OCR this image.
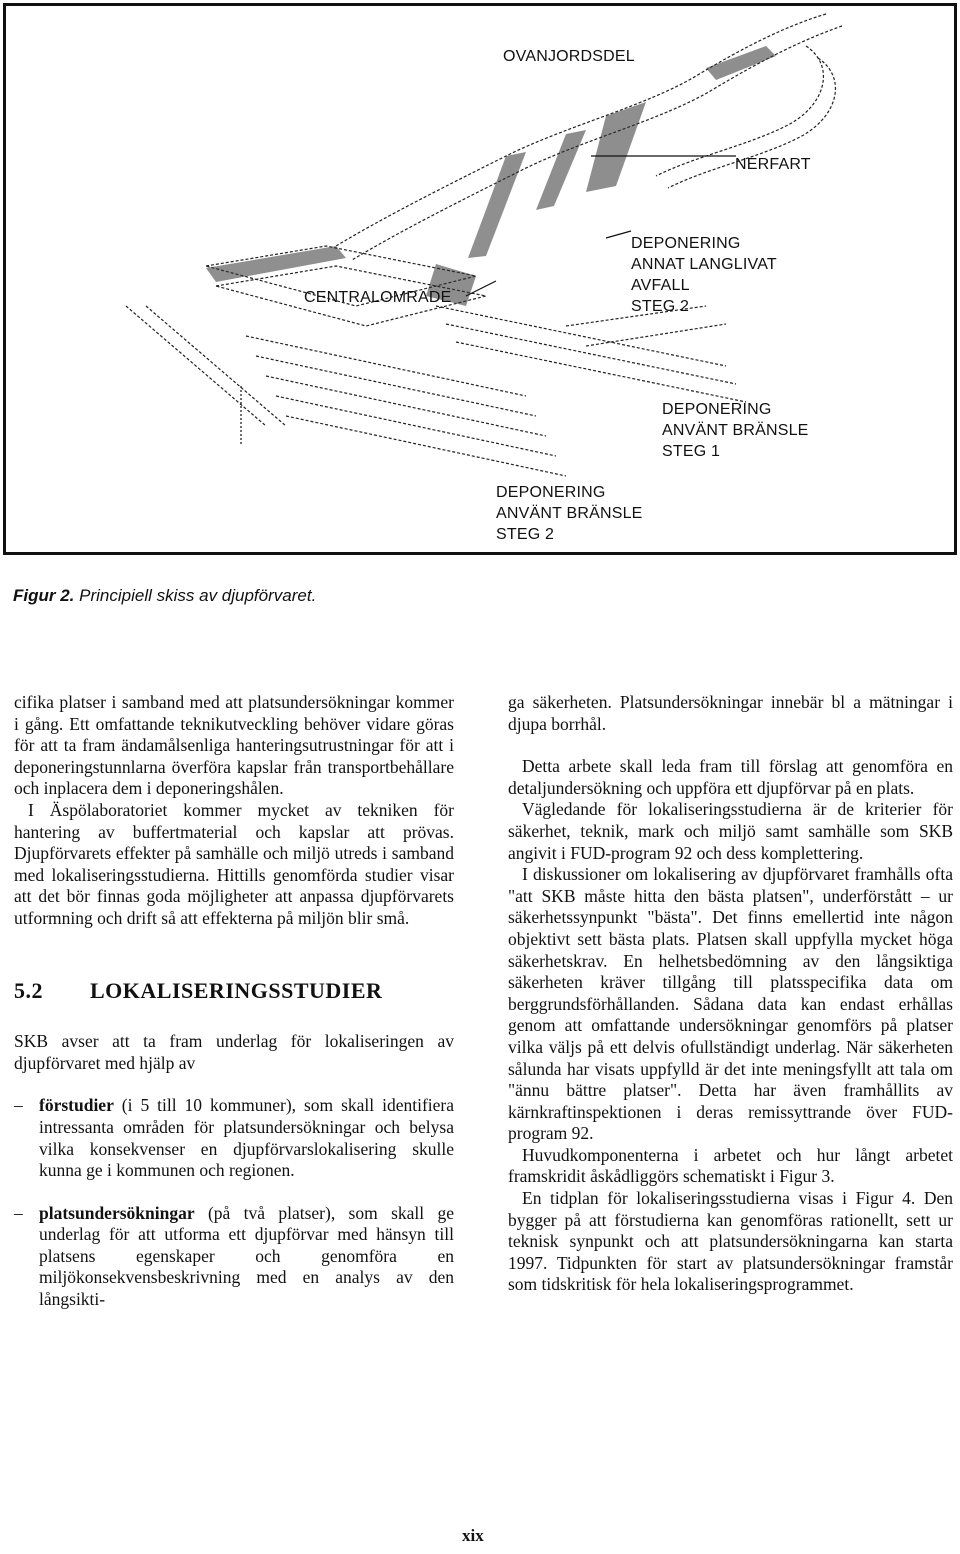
OVANJORDSDEL
NERFART
CENTRALOMRADE
DEPONERING
ANNAT LANGLIVAT
AVFALL
STEG 2
DEPONERING
ANVÄNT BRÄNSLE
STEG 1
DEPONERING
ANVÄNT BRÄNSLE
STEG 2
Figur 2. Principiell skiss av djupförvaret.

cifika platser i samband med att platsundersökningar kommer i gång. Ett omfattande teknikutveckling behöver vidare göras för att ta fram ändamålsenliga hanteringsutrustningar för att i deponeringstunnlarna överföra kapslar från transportbehållare och inplacera dem i deponeringshålen.

I Äspölaboratoriet kommer mycket av tekniken för hantering av buffertmaterial och kapslar att prövas. Djupförvarets effekter på samhälle och miljö utreds i samband med lokaliseringsstudierna. Hittills genomförda studier visar att det bör finnas goda möjligheter att anpassa djupförvarets utformning och drift så att effekterna på miljön blir små.

5.2 LOKALISERINGSSTUDIER

SKB avser att ta fram underlag för lokaliseringen av djupförvaret med hjälp av

– förstudier (i 5 till 10 kommuner), som skall identifiera intressanta områden för platsundersökningar och belysa vilka konsekvenser en djupförvarslokalisering skulle kunna ge i kommunen och regionen.

– platsundersökningar (på två platser), som skall ge underlag för att utforma ett djupförvar med hänsyn till platsens egenskaper och genomföra en miljökonsekvensbeskrivning med en analys av den långsikti-

ga säkerheten. Platsundersökningar innebär bl a mätningar i djupa borrhål.

Detta arbete skall leda fram till förslag att genomföra en detaljundersökning och uppföra ett djupförvar på en plats.

Vägledande för lokaliseringsstudierna är de kriterier för säkerhet, teknik, mark och miljö samt samhälle som SKB angivit i FUD-program 92 och dess komplettering.

I diskussioner om lokalisering av djupförvaret framhålls ofta "att SKB måste hitta den bästa platsen", underförstått – ur säkerhetssynpunkt "bästa". Det finns emellertid inte någon objektivt sett bästa plats. Platsen skall uppfylla mycket höga säkerhetskrav. En helhetsbedömning av den långsiktiga säkerheten kräver tillgång till platsspecifika data om berggrundsförhållanden. Sådana data kan endast erhållas genom att omfattande undersökningar genomförs på platser vilka väljs på ett delvis ofullständigt underlag. När säkerheten sålunda har visats uppfylld är det inte meningsfyllt att tala om "ännu bättre platser". Detta har även framhållits av kärnkraftinspektionen i deras remissyttrande över FUD-program 92.

Huvudkomponenterna i arbetet och hur långt arbetet framskridit åskådliggörs schematiskt i Figur 3.

En tidplan för lokaliseringsstudierna visas i Figur 4. Den bygger på att förstudierna kan genomföras rationellt, sett ur teknisk synpunkt och att platsundersökningarna kan starta 1997. Tidpunkten för start av platsundersökningar framstår som tidskritisk för hela lokaliseringsprogrammet.

xix
